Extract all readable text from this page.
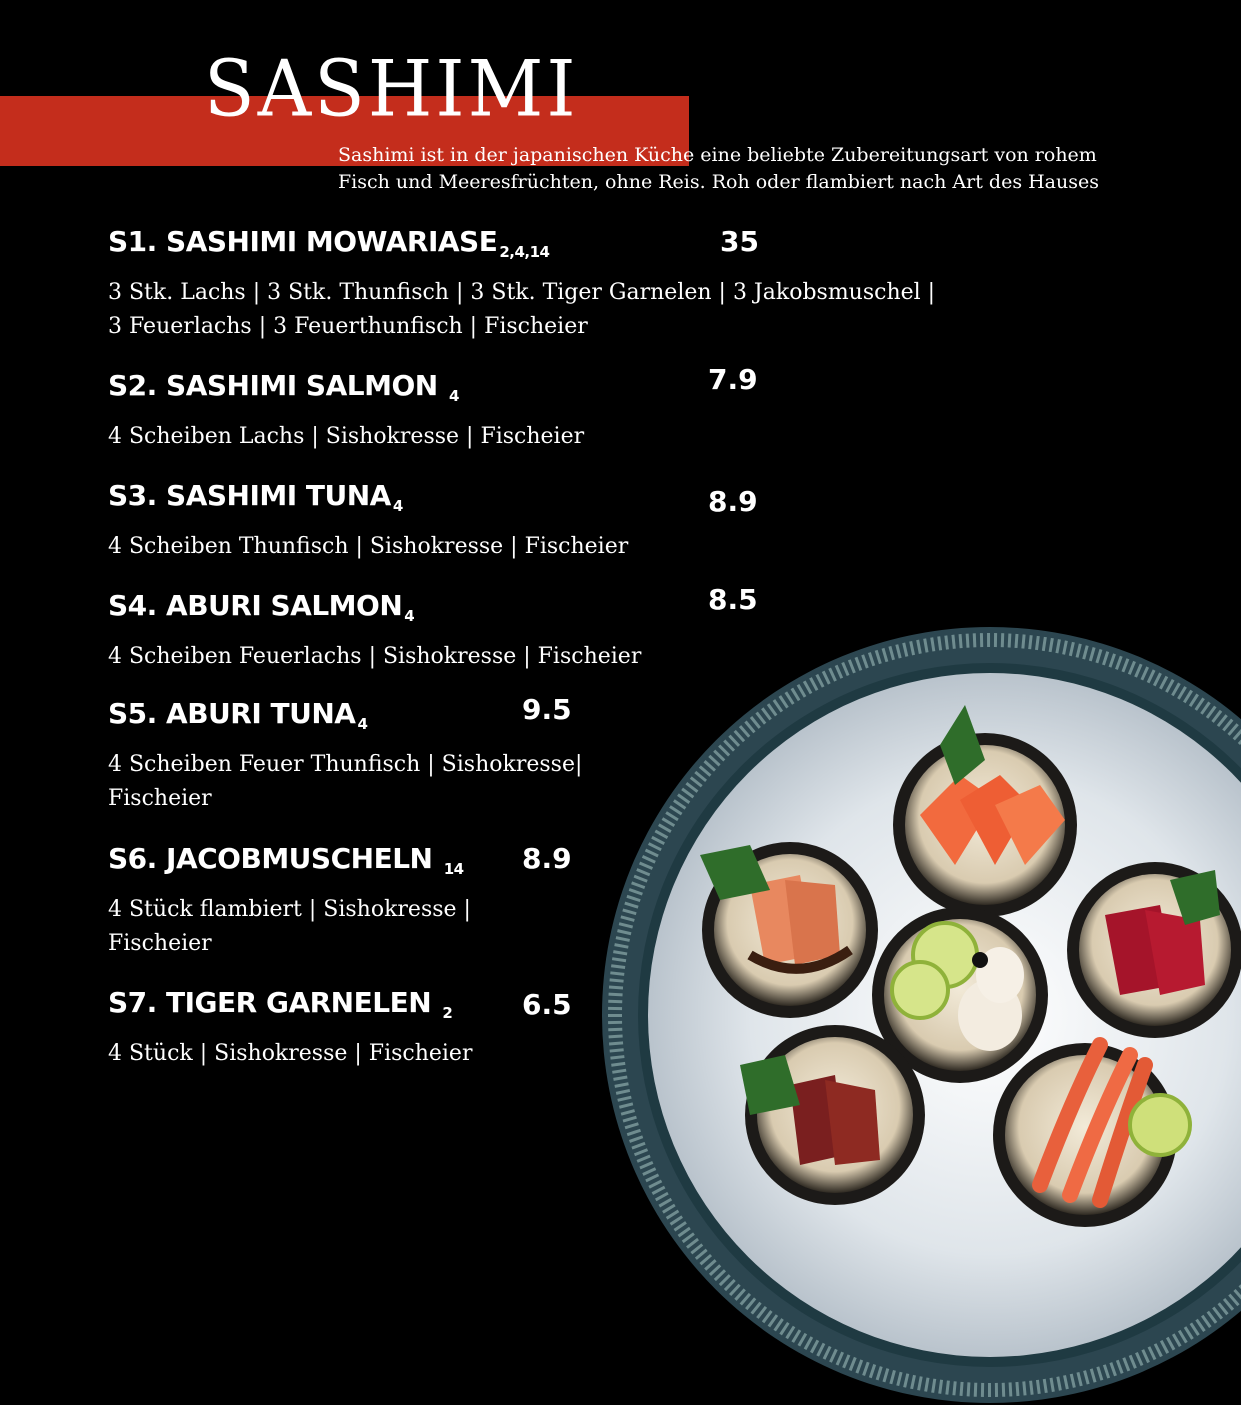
SASHIMI
Sashimi ist in der japanischen Küche eine beliebte Zubereitungsart von rohem
Fisch und Meeresfrüchten, ohne Reis. Roh oder flambiert nach Art des Hauses
S1. SASHIMI MOWARIASE $_{2,4,14}$	35
3 Stk. Lachs | 3 Stk. Thunfisch | 3 Stk. Tiger Garnelen | 3 Jakobsmuschel |
3 Feuerlachs | 3 Feuerthunfisch | Fischeier
S2. SASHIMI SALMON $_4$	7.9
4 Scheiben Lachs | Sishokresse | Fischeier
S3. SASHIMI TUNA $_4$	8.9
4 Scheiben Thunfisch | Sishokresse | Fischeier
S4. ABURI SALMON $_4$	8.5
4 Scheiben Feuerlachs | Sishokresse | Fischeier
S5. ABURI TUNA $_4$	9.5
4 Scheiben Feuer Thunfisch | Sishokresse|
Fischeier
S6. JACOBMUSCHELN $_{14}$ 8.9
4 Stück flambiert | Sishokresse |
Fischeier
S7. TIGER GARNELEN $_2$	6.5
4 Stück | Sishokresse | Fischeier
